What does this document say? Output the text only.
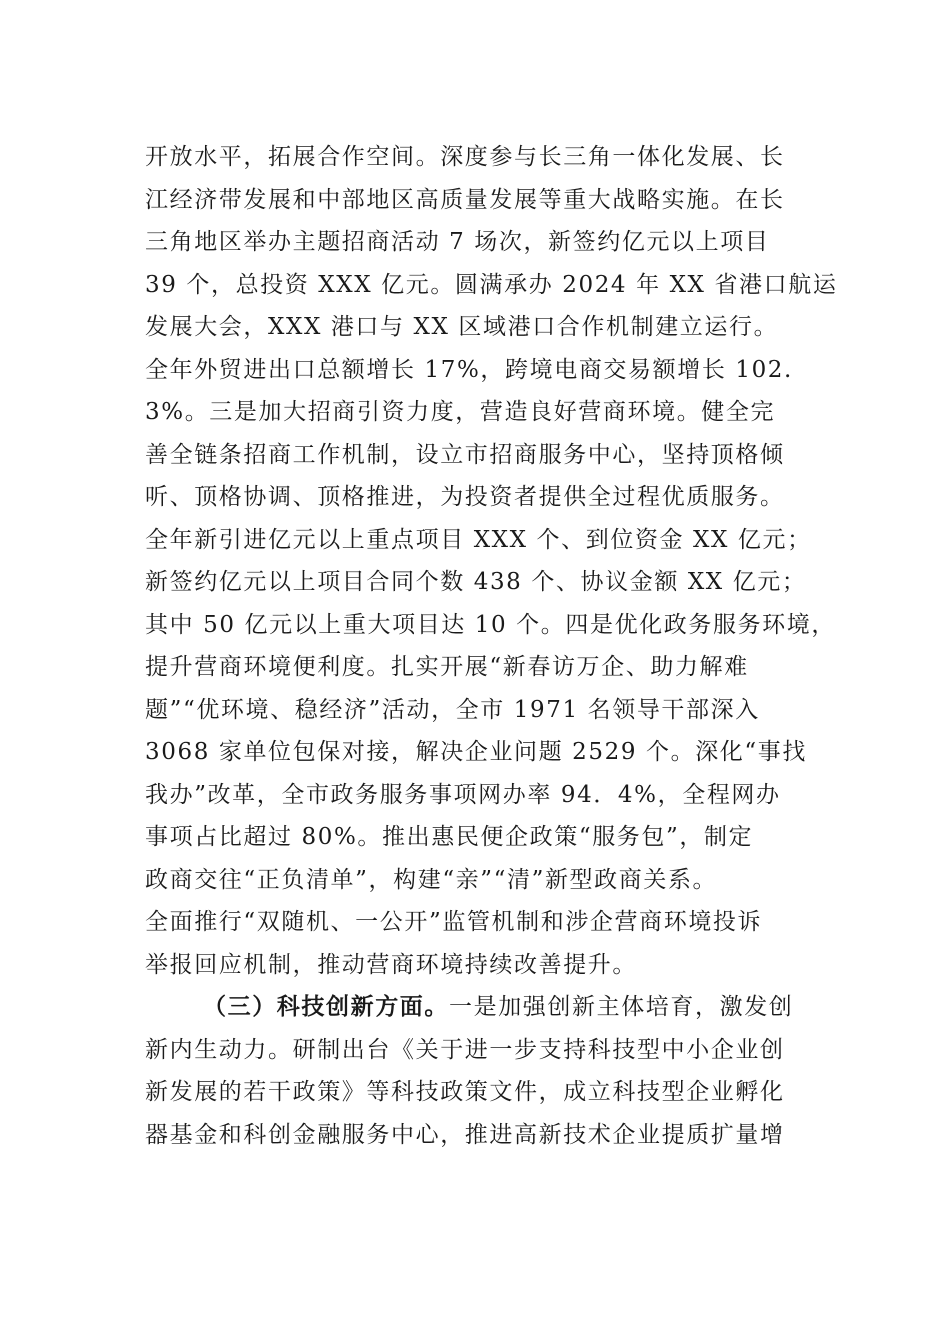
开放水平，拓展合作空间。深度参与长三角一体化发展、长
江经济带发展和中部地区高质量发展等重大战略实施。在长
三角地区举办主题招商活动 7 场次，新签约亿元以上项目
39 个，总投资 XXX 亿元。圆满承办 2024 年 XX 省港口航运
发展大会，XXX 港口与 XX 区域港口合作机制建立运行。
全年外贸进出口总额增长 17%，跨境电商交易额增长 102.
3%。三是加大招商引资力度，营造良好营商环境。健全完
善全链条招商工作机制，设立市招商服务中心，坚持顶格倾
听、顶格协调、顶格推进，为投资者提供全过程优质服务。
全年新引进亿元以上重点项目 XXX 个、到位资金 XX 亿元；
新签约亿元以上项目合同个数 438 个、协议金额 XX 亿元；
其中 50 亿元以上重大项目达 10 个。四是优化政务服务环境，
提升营商环境便利度。扎实开展“新春访万企、助力解难
题”“优环境、稳经济”活动，全市 1971 名领导干部深入
3068 家单位包保对接，解决企业问题 2529 个。深化“事找
我办”改革，全市政务服务事项网办率 94．4%，全程网办
事项占比超过 80%。推出惠民便企政策“服务包”，制定
政商交往“正负清单”，构建“亲”“清”新型政商关系。
全面推行“双随机、一公开”监管机制和涉企营商环境投诉
举报回应机制，推动营商环境持续改善提升。
（三）科技创新方面。一是加强创新主体培育，激发创
新内生动力。研制出台《关于进一步支持科技型中小企业创
新发展的若干政策》等科技政策文件，成立科技型企业孵化
器基金和科创金融服务中心，推进高新技术企业提质扩量增
